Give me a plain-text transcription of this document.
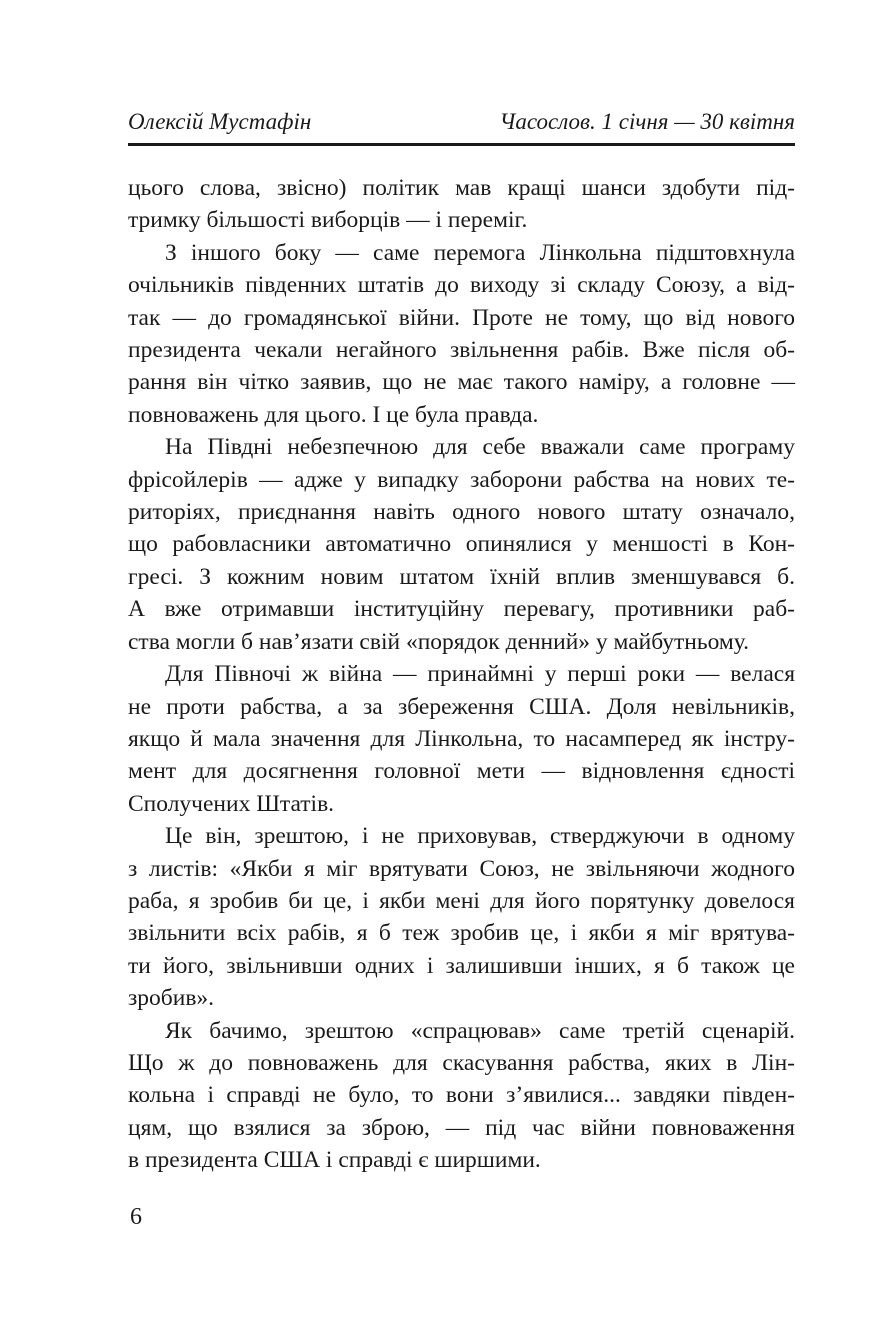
Олексій Мустафін	Часослов. 1 січня — 30 квітня
цього слова, звісно) політик мав кращі шанси здобути під-
тримку більшості виборців — і переміг.
З іншого боку — саме перемога Лінкольна підштовхнула
очільників південних штатів до виходу зі складу Союзу, а від-
так — до громадянської війни. Проте не тому, що від нового
президента чекали негайного звільнення рабів. Вже після об-
рання він чітко заявив, що не має такого наміру, а головне —
повноважень для цього. І це була правда.
На Півдні небезпечною для себе вважали саме програму
фрісойлерів — адже у випадку заборони рабства на нових те-
риторіях, приєднання навіть одного нового штату означало,
що рабовласники автоматично опинялися у меншості в Кон-
гресі. З кожним новим штатом їхній вплив зменшувався б.
А вже отримавши інституційну перевагу, противники раб-
ства могли б нав’язати свій «порядок денний» у майбутньому.
Для Півночі ж війна — принаймні у перші роки — велася
не проти рабства, а за збереження США. Доля невільників,
якщо й мала значення для Лінкольна, то насамперед як інстру-
мент для досягнення головної мети — відновлення єдності
Сполучених Штатів.
Це він, зрештою, і не приховував, стверджуючи в одному
з листів: «Якби я міг врятувати Союз, не звільняючи жодного
раба, я зробив би це, і якби мені для його порятунку довелося
звільнити всіх рабів, я б теж зробив це, і якби я міг врятува-
ти його, звільнивши одних і залишивши інших, я б також це
зробив».
Як бачимо, зрештою «спрацював» саме третій сценарій.
Що ж до повноважень для скасування рабства, яких в Лін-
кольна і справді не було, то вони з’явилися... завдяки півден-
цям, що взялися за зброю, — під час війни повноваження
в президента США і справді є ширшими.
6
